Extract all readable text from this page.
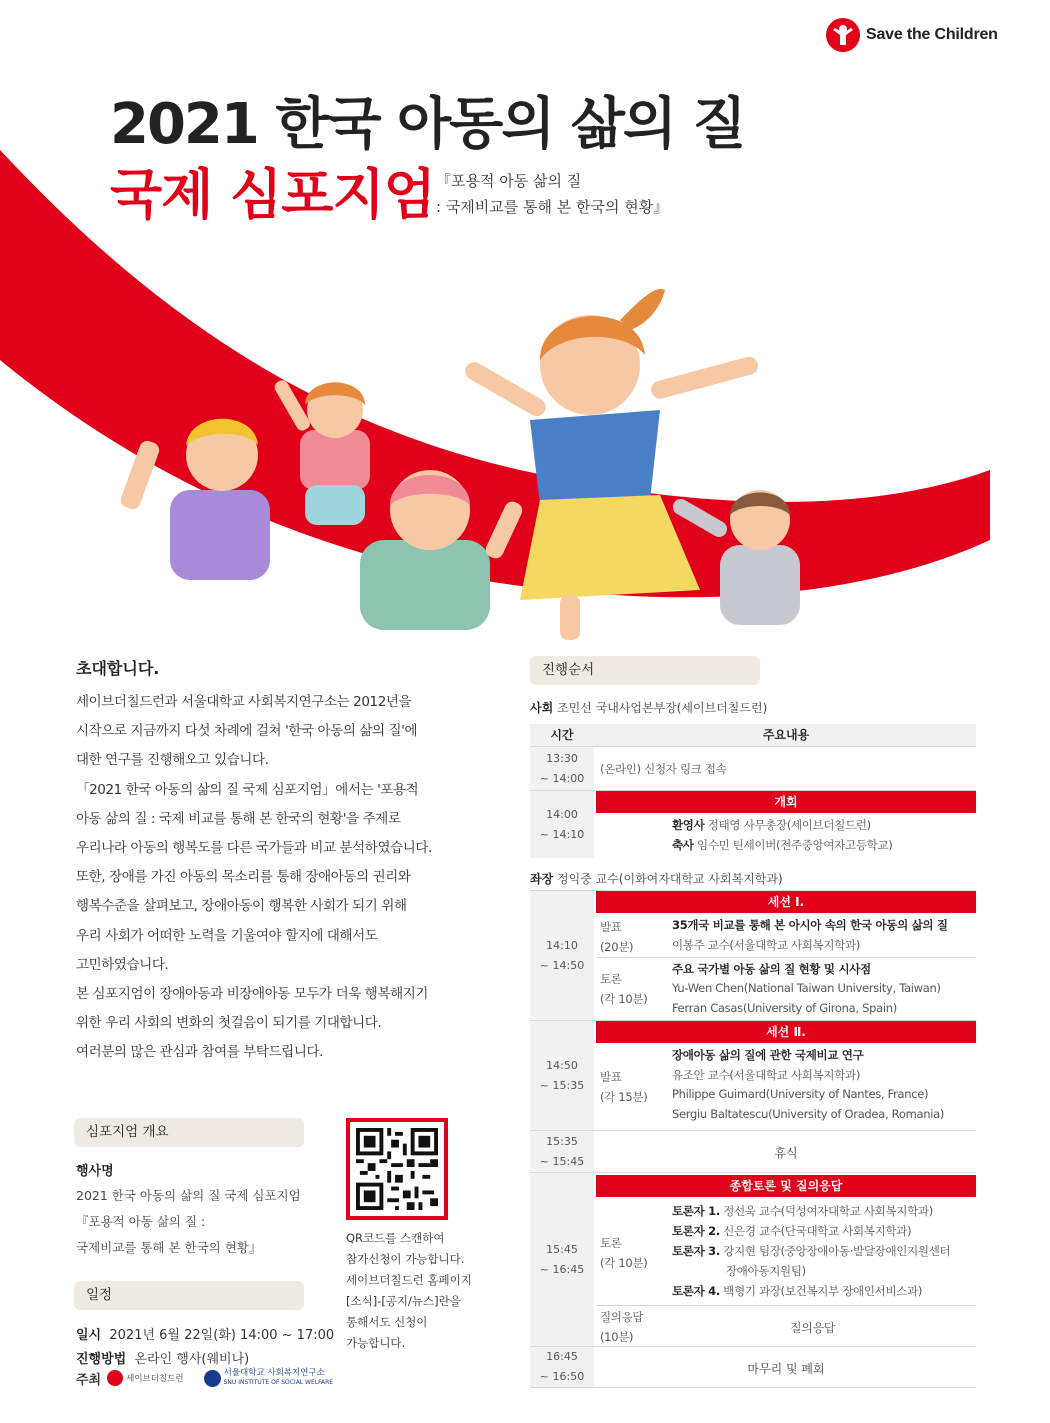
Save the Children
2021 한국 아동의 삶의 질
국제 심포지엄 『포용적 아동 삶의 질
: 국제비교를 통해 본 한국의 현황』
초대합니다.

세이브더칠드런과 서울대학교 사회복지연구소는 2012년을

시작으로 지금까지 다섯 차례에 걸쳐 '한국 아동의 삶의 질'에

대한 연구를 진행해오고 있습니다.

「2021 한국 아동의 삶의 질 국제 심포지엄」에서는 '포용적

아동 삶의 질 : 국제 비교를 통해 본 한국의 현황'을 주제로

우리나라 아동의 행복도를 다른 국가들과 비교 분석하였습니다.

또한, 장애를 가진 아동의 목소리를 통해 장애아동의 권리와

행복수준을 살펴보고, 장애아동이 행복한 사회가 되기 위해

우리 사회가 어떠한 노력을 기울여야 할지에 대해서도

고민하였습니다.

본 심포지엄이 장애아동과 비장애아동 모두가 더욱 행복해지기

위한 우리 사회의 변화의 첫걸음이 되기를 기대합니다.

여러분의 많은 관심과 참여를 부탁드립니다.

심포지엄 개요
행사명
2021 한국 아동의 삶의 질 국제 심포지엄
『포용적 아동 삶의 질 :
국제비교를 통해 본 한국의 현황』
일정
일시 2021년 6월 22일(화) 14:00 ~ 17:00
진행방법 온라인 행사(웨비나)
주최	세이브더칠드런
서울대학교 사회복지연구소
SNU INSTITUTE OF SOCIAL WELFARE
QR코드를 스캔하여
참가신청이 가능합니다.
세이브더칠드런 홈페이지
[소식]-[공지/뉴스]란을
통해서도 신청이
가능합니다.
진행순서
사회 조민선 국내사업본부장(세이브더칠드런)
시간	주요내용
13:30
~ 14:00
(온라인) 신청자 링크 접속
14:00
~ 14:10
개회
환영사 정태영 사무총장(세이브더칠드런)
축사 임수민 틴세이버(전주중앙여자고등학교)
좌장 정익중 교수(이화여자대학교 사회복지학과)
14:10
~ 14:50
세션 Ⅰ.
발표
(20분)
35개국 비교를 통해 본 아시아 속의 한국 아동의 삶의 질
이봉주 교수(서울대학교 사회복지학과)
토론
(각 10분)
주요 국가별 아동 삶의 질 현황 및 시사점
Yu-Wen Chen(National Taiwan University, Taiwan)
Ferran Casas(University of Girona, Spain)
14:50
~ 15:35
세션 Ⅱ.
발표
(각 15분)
장애아동 삶의 질에 관한 국제비교 연구
유조안 교수(서울대학교 사회복지학과)
Philippe Guimard(University of Nantes, France)
Sergiu Baltatescu(University of Oradea, Romania)
15:35
~ 15:45
휴식
15:45
~ 16:45
종합토론 및 질의응답
토론
(각 10분)
토론자 1. 정선욱 교수(덕성여자대학교 사회복지학과)
토론자 2. 신은경 교수(단국대학교 사회복지학과)
토론자 3. 강지현 팀장(중앙장애아동·발달장애인지원센터
장애아동지원팀)
토론자 4. 백형기 과장(보건복지부 장애인서비스과)
질의응답
(10분)
질의응답
16:45
~ 16:50
마무리 및 폐회
